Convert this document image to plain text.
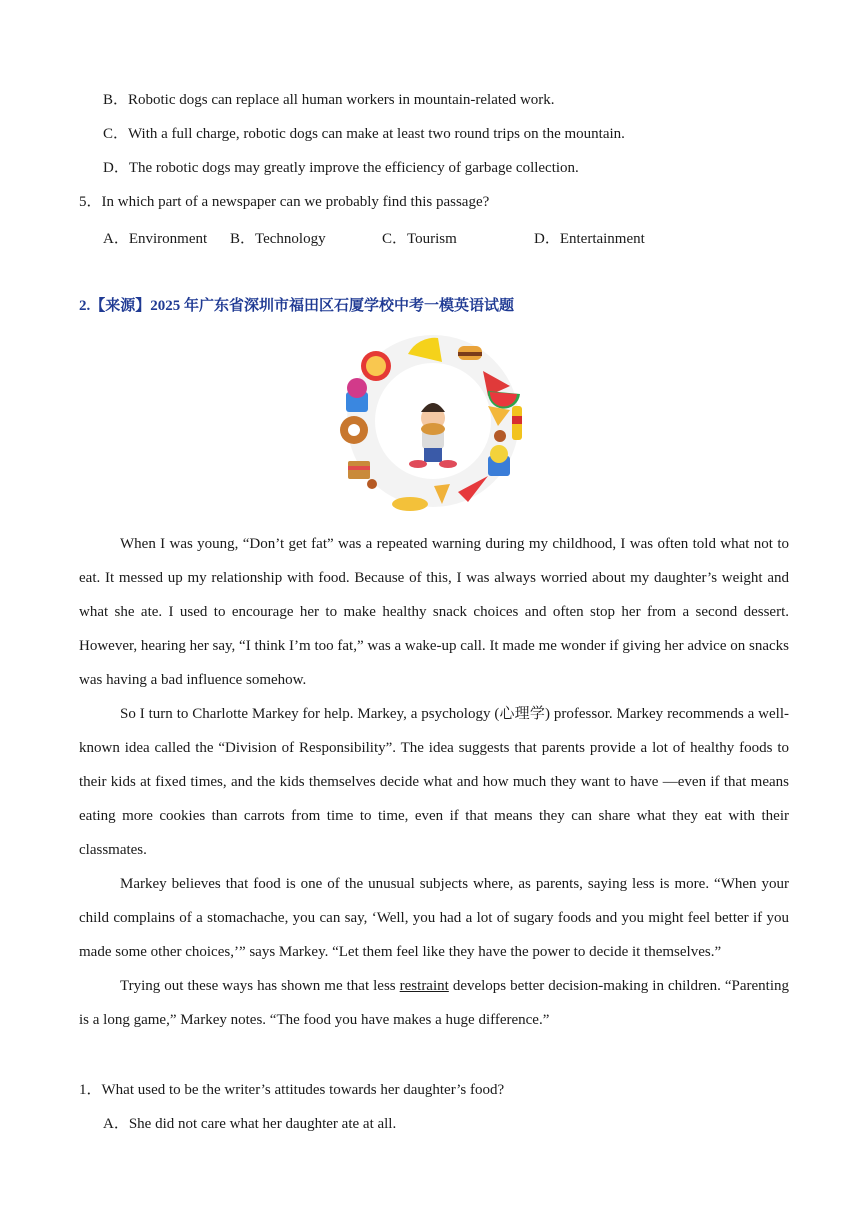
B．Robotic dogs can replace all human workers in mountain-related work.
C．With a full charge, robotic dogs can make at least two round trips on the mountain.
D．The robotic dogs may greatly improve the efficiency of garbage collection.
5．In which part of a newspaper can we probably find this passage?
A．Environment B．Technology	C．Tourism	D．Entertainment
2.【来源】2025 年广东省深圳市福田区石厦学校中考一模英语试题
When I was young, “Don’t get fat” was a repeated warning during my childhood, I was often told what not to eat. It messed up my relationship with food. Because of this, I was always worried about my daughter’s weight and what she ate. I used to encourage her to make healthy snack choices and often stop her from a second dessert. However, hearing her say, “I think I’m too fat,” was a wake-up call. It made me wonder if giving her advice on snacks was having a bad influence somehow.
So I turn to Charlotte Markey for help. Markey, a psychology (心理学) professor. Markey recommends a well-known idea called the “Division of Responsibility”. The idea suggests that parents provide a lot of healthy foods to their kids at fixed times, and the kids themselves decide what and how much they want to have —even if that means eating more cookies than carrots from time to time, even if that means they can share what they eat with their classmates.
Markey believes that food is one of the unusual subjects where, as parents, saying less is more. “When your child complains of a stomachache, you can say, ‘Well, you had a lot of sugary foods and you might feel better if you made some other choices,’” says Markey. “Let them feel like they have the power to decide it themselves.”
Trying out these ways has shown me that less restraint develops better decision-making in children. “Parenting is a long game,” Markey notes. “The food you have makes a huge difference.”
1．What used to be the writer’s attitudes towards her daughter’s food?
A．She did not care what her daughter ate at all.
